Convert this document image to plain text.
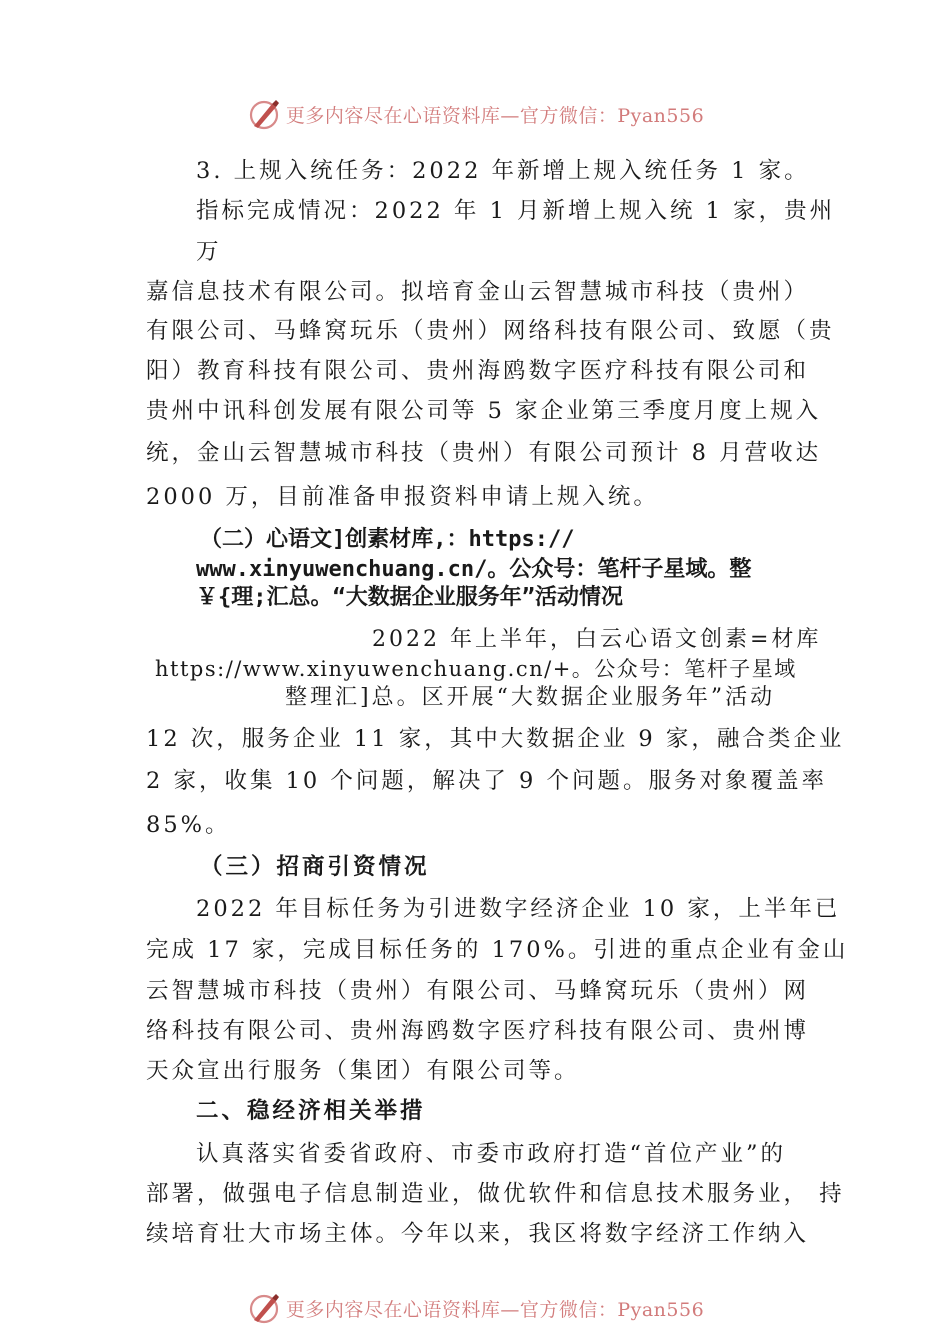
更多内容尽在心语资料库—官方微信：Pyan556
3. 上规入统任务：2022 年新增上规入统任务 1 家。
指标完成情况：2022 年 1 月新增上规入统 1 家，贵州
万
嘉信息技术有限公司。拟培育金山云智慧城市科技（贵州）
有限公司、马蜂窝玩乐（贵州）网络科技有限公司、致愿（贵
阳）教育科技有限公司、贵州海鸥数字医疗科技有限公司和
贵州中讯科创发展有限公司等 5 家企业第三季度月度上规入
统，金山云智慧城市科技（贵州）有限公司预计 8 月营收达
2000 万，目前准备申报资料申请上规入统。
（二）心语文]创素材库,：https://
www.xinyuwenchuang.cn/。公众号：笔杆子星域。整
￥{理;汇总。“大数据企业服务年”活动情况
2022 年上半年，白云心语文创素=材库
https://www.xinyuwenchuang.cn/+。公众号：笔杆子星域
整理汇]总。区开展“大数据企业服务年”活动
12 次，服务企业 11 家，其中大数据企业 9 家，融合类企业
2 家，收集 10 个问题，解决了 9 个问题。服务对象覆盖率
85%。
（三）招商引资情况
2022 年目标任务为引进数字经济企业 10 家，上半年已
完成 17 家，完成目标任务的 170%。引进的重点企业有金山
云智慧城市科技（贵州）有限公司、马蜂窝玩乐（贵州）网
络科技有限公司、贵州海鸥数字医疗科技有限公司、贵州博
天众宣出行服务（集团）有限公司等。
二、稳经济相关举措
认真落实省委省政府、市委市政府打造“首位产业”的
部署，做强电子信息制造业，做优软件和信息技术服务业， 持
续培育壮大市场主体。今年以来，我区将数字经济工作纳入
更多内容尽在心语资料库—官方微信：Pyan556
